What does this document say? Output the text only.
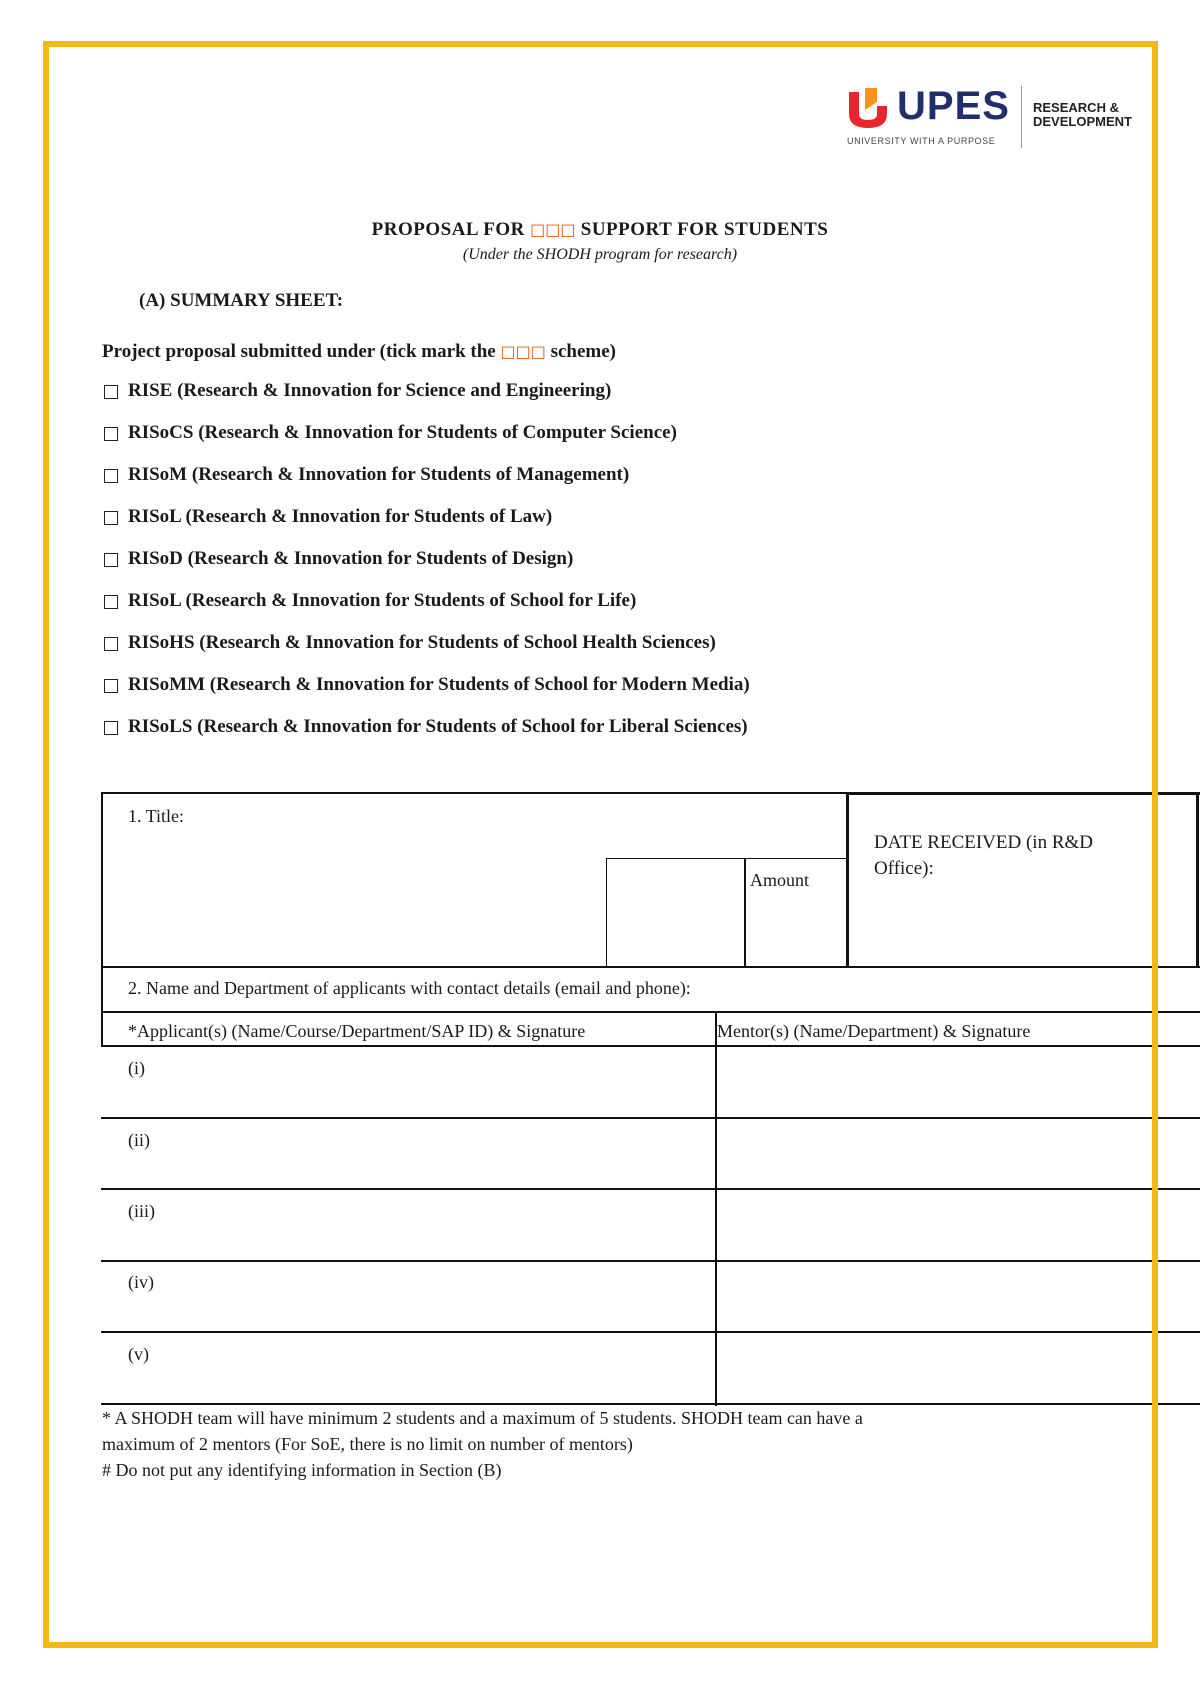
UPES
UNIVERSITY WITH A PURPOSE
RESEARCH &
DEVELOPMENT
PROPOSAL FOR □□□ SUPPORT FOR STUDENTS
(Under the SHODH program for research)
(A) SUMMARY SHEET:
Project proposal submitted under (tick mark the □□□ scheme)
RISE (Research & Innovation for Science and Engineering)
RISoCS (Research & Innovation for Students of Computer Science)
RISoM (Research & Innovation for Students of Management)
RISoL (Research & Innovation for Students of Law)
RISoD (Research & Innovation for Students of Design)
RISoL (Research & Innovation for Students of School for Life)
RISoHS (Research & Innovation for Students of School Health Sciences)
RISoMM (Research & Innovation for Students of School for Modern Media)
RISoLS (Research & Innovation for Students of School for Liberal Sciences)
1. Title:
Amount
DATE RECEIVED (in R&D
Office):
2. Name and Department of applicants with contact details (email and phone):
*Applicant(s) (Name/Course/Department/SAP ID) & Signature	Mentor(s) (Name/Department) & Signature
(i)
(ii)
(iii)
(iv)
(v)
* A SHODH team will have minimum 2 students and a maximum of 5 students. SHODH team can have a
maximum of 2 mentors (For SoE, there is no limit on number of mentors)
# Do not put any identifying information in Section (B)
